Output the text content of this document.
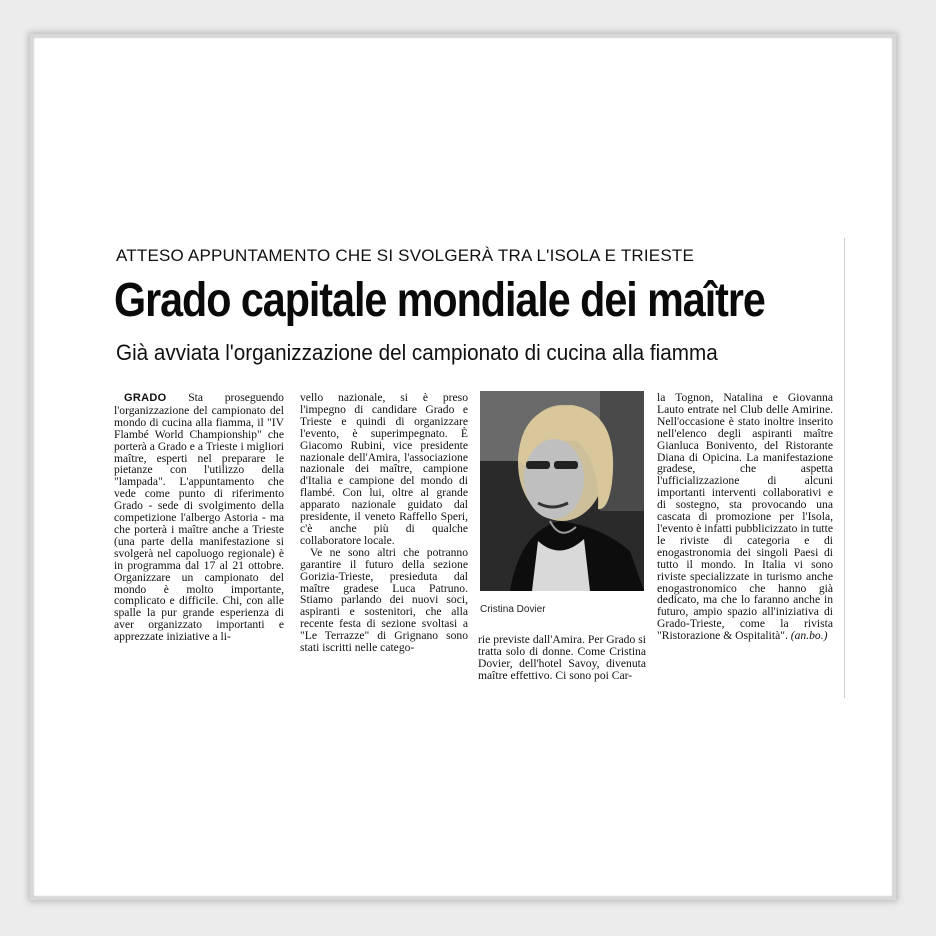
ATTESO APPUNTAMENTO CHE SI SVOLGERÀ TRA L'ISOLA E TRIESTE
Grado capitale mondiale dei maître
Già avviata l'organizzazione del campionato di cucina alla fiamma

GRADO Sta proseguendo l'organizzazione del campionato del mondo di cucina alla fiamma, il "IV Flambé World Championship" che porterà a Grado e a Trieste i migliori maître, esperti nel preparare le pietanze con l'utilizzo della "lampada". L'appuntamento che vede come punto di riferimento Grado - sede di svolgimento della competizione l'albergo Astoria - ma che porterà i maître anche a Trieste (una parte della manifestazione si svolgerà nel capoluogo regionale) è in programma dal 17 al 21 ottobre. Organizzare un campionato del mondo è molto importante, complicato e difficile. Chi, con alle spalle la pur grande esperienza di aver organizzato importanti e apprezzate iniziative a li-

vello nazionale, si è preso l'impegno di candidare Grado e Trieste e quindi di organizzare l'evento, è superimpegnato. È Giacomo Rubini, vice presidente nazionale dell'Amira, l'associazione nazionale dei maître, campione d'Italia e campione del mondo di flambé. Con lui, oltre al grande apparato nazionale guidato dal presidente, il veneto Raffello Speri, c'è anche più di qualche collaboratore locale.

Ve ne sono altri che potranno garantire il futuro della sezione Gorizia-Trieste, presieduta dal maître gradese Luca Patruno. Stiamo parlando dei nuovi soci, aspiranti e sostenitori, che alla recente festa di sezione svoltasi a "Le Terrazze" di Grignano sono stati iscritti nelle catego-

Cristina Dovier

rie previste dall'Amira. Per Grado si tratta solo di donne. Come Cristina Dovier, dell'hotel Savoy, divenuta maître effettivo. Ci sono poi Car-

la Tognon, Natalina e Giovanna Lauto entrate nel Club delle Amirine. Nell'occasione è stato inoltre inserito nell'elenco degli aspiranti maître Gianluca Bonivento, del Ristorante Diana di Opicina. La manifestazione gradese, che aspetta l'ufficializzazione di alcuni importanti interventi collaborativi e di sostegno, sta provocando una cascata di promozione per l'Isola, l'evento è infatti pubblicizzato in tutte le riviste di categoria e di enogastronomia dei singoli Paesi di tutto il mondo. In Italia vi sono riviste specializzate in turismo anche enogastronomico che hanno già dedicato, ma che lo faranno anche in futuro, ampio spazio all'iniziativa di Grado-Trieste, come la rivista "Ristorazione & Ospitalità". (an.bo.)
